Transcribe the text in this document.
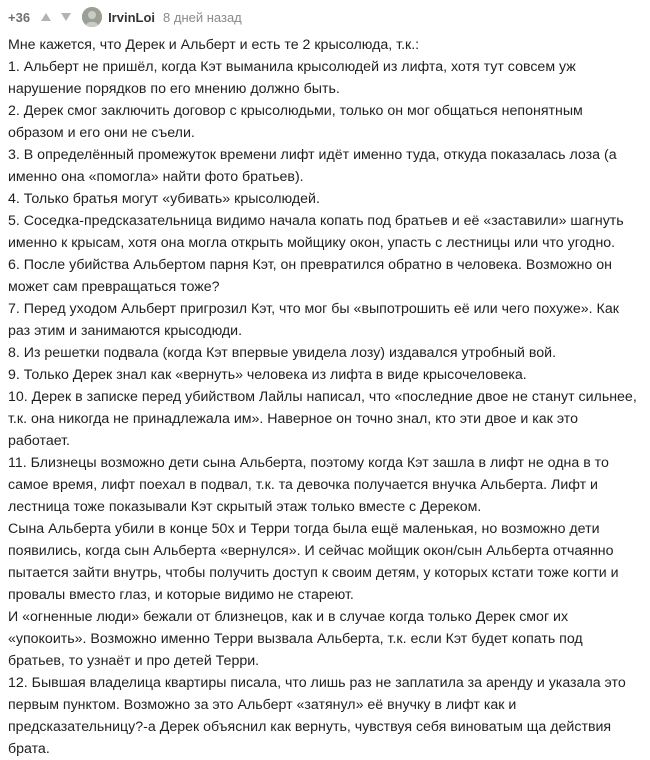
+36	IrvinLoi 8 дней назад

Мне кажется, что Дерек и Альберт и есть те 2 крысолюда, т.к.:

1. Альберт не пришёл, когда Кэт выманила крысолюдей из лифта, хотя тут совсем уж нарушение порядков по его мнению должно быть.

2. Дерек смог заключить договор с крысолюдьми, только он мог общаться непонятным образом и его они не съели.

3. В определённый промежуток времени лифт идёт именно туда, откуда показалась лоза (а именно она «помогла» найти фото братьев).

4. Только братья могут «убивать» крысолюдей.

5. Соседка-предсказательница видимо начала копать под братьев и её «заставили» шагнуть именно к крысам, хотя она могла открыть мойщику окон, упасть с лестницы или что угодно.

6. После убийства Альбертом парня Кэт, он превратился обратно в человека. Возможно он может сам превращаться тоже?

7. Перед уходом Альберт пригрозил Кэт, что мог бы «выпотрошить её или чего похуже». Как раз этим и занимаются крысодюди.

8. Из решетки подвала (когда Кэт впервые увидела лозу) издавался утробный вой.

9. Только Дерек знал как «вернуть» человека из лифта в виде крысочеловека.

10. Дерек в записке перед убийством Лайлы написал, что «последние двое не станут сильнее, т.к. она никогда не принадлежала им». Наверное он точно знал, кто эти двое и как это работает.

11. Близнецы возможно дети сына Альберта, поэтому когда Кэт зашла в лифт не одна в то самое время, лифт поехал в подвал, т.к. та девочка получается внучка Альберта. Лифт и лестница тоже показывали Кэт скрытый этаж только вместе с Дереком.

Сына Альберта убили в конце 50х и Терри тогда была ещё маленькая, но возможно дети появились, когда сын Альберта «вернулся». И сейчас мойщик окон/сын Альберта отчаянно пытается зайти внутрь, чтобы получить доступ к своим детям, у которых кстати тоже когти и провалы вместо глаз, и которые видимо не стареют.

И «огненные люди» бежали от близнецов, как и в случае когда только Дерек смог их «упокоить». Возможно именно Терри вызвала Альберта, т.к. если Кэт будет копать под братьев, то узнаёт и про детей Терри.

12. Бывшая владелица квартиры писала, что лишь раз не заплатила за аренду и указала это первым пунктом. Возможно за это Альберт «затянул» её внучку в лифт как и предсказательницу?-а Дерек объяснил как вернуть, чувствуя себя виноватым ща действия брата.
